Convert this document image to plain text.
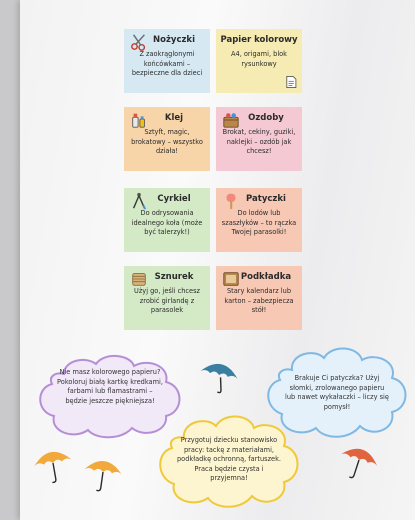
Nożyczki
Z zaokrąglonymi końcówkami – bezpieczne dla dzieci
Papier kolorowy
A4, origami, blok rysunkowy
Klej
Sztyft, magic, brokatowy – wszystko działa!
Ozdoby
Brokat, cekiny, guziki, naklejki – ozdób jak chcesz!
Cyrkiel
Do odrysowania idealnego koła (może być talerzyk!)
Patyczki
Do lodów lub szaszłyków – to rączka Twojej parasolki!
Sznurek
Użyj go, jeśli chcesz zrobić girlandę z parasolek
Podkładka
Stary kalendarz lub karton – zabezpiecza stół!
Nie masz kolorowego papieru? Pokoloruj białą kartkę kredkami, farbami lub flamastrami – będzie jeszcze piękniejsza!
Brakuje Ci patyczka? Użyj słomki, zrolowanego papieru lub nawet wykałaczki – liczy się pomysł!
Przygotuj dziecku stanowisko pracy: tackę z materiałami, podkładkę ochronną, fartuszek. Praca będzie czysta i przyjemna!
